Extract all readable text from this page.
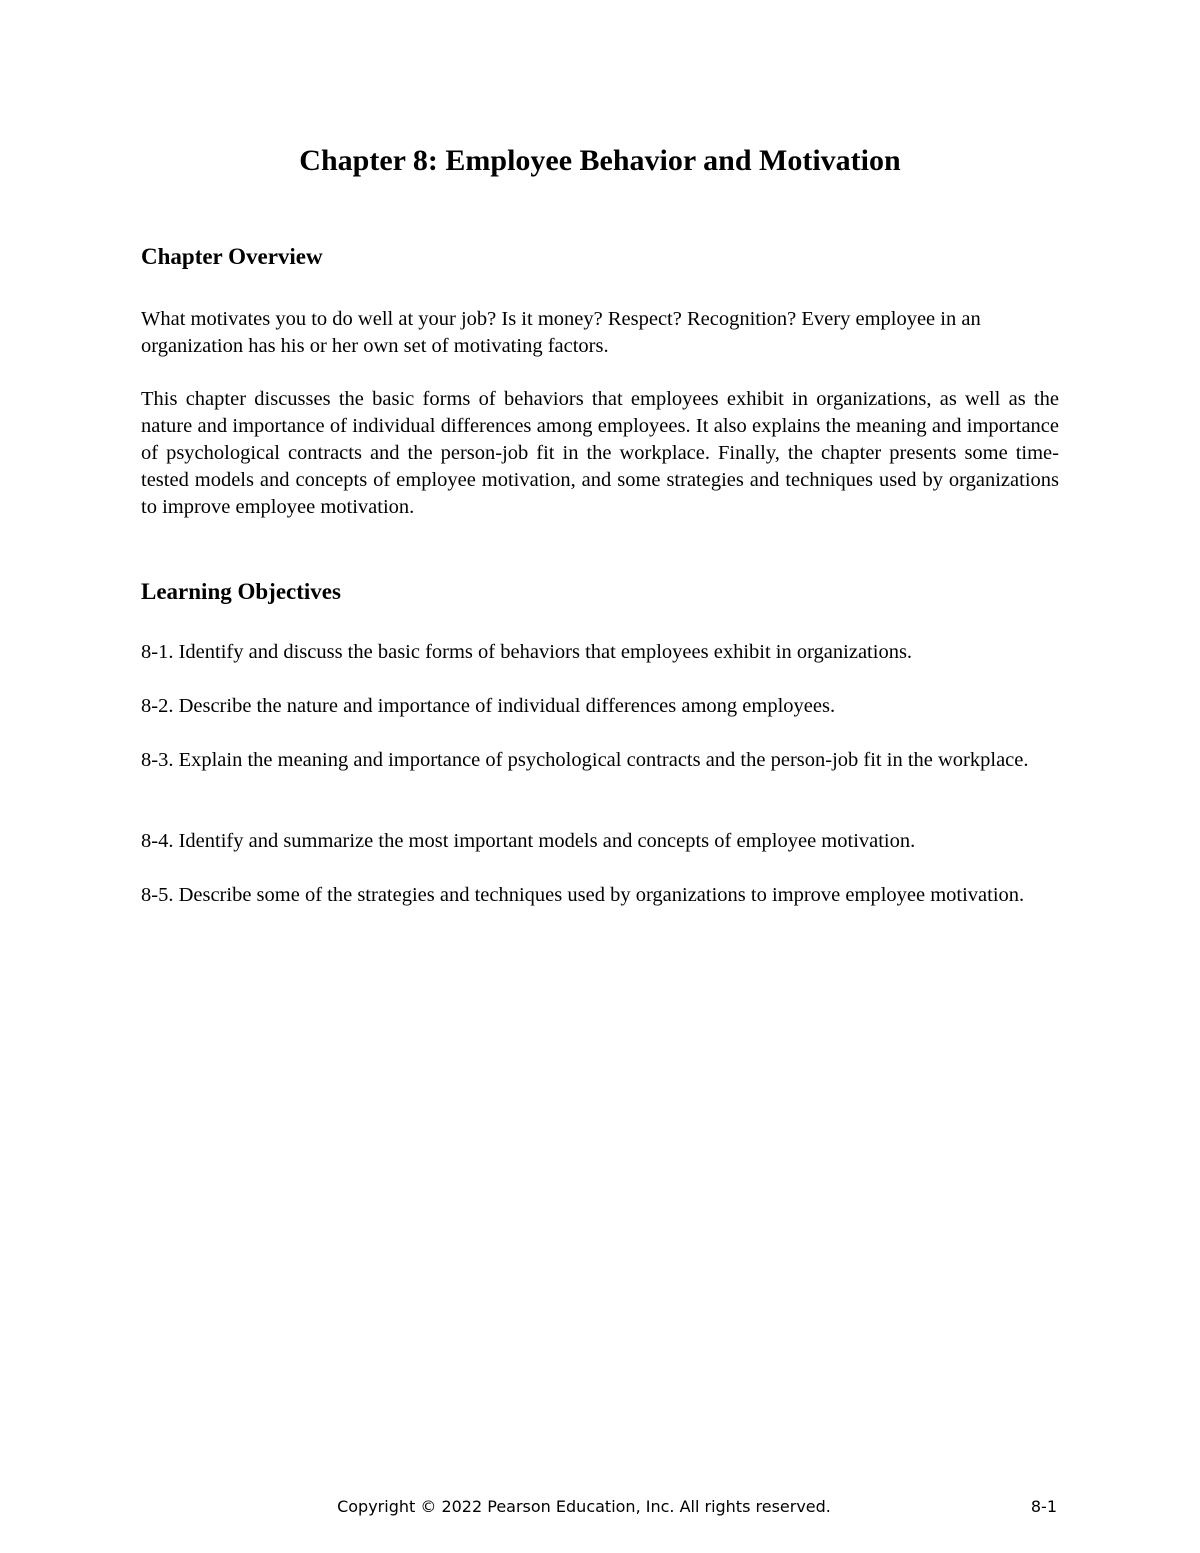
Chapter 8: Employee Behavior and Motivation
Chapter Overview

What motivates you to do well at your job? Is it money? Respect? Recognition? Every employee in an organization has his or her own set of motivating factors.

This chapter discusses the basic forms of behaviors that employees exhibit in organizations, as well as the nature and importance of individual differences among employees. It also explains the meaning and importance of psychological contracts and the person-job fit in the workplace. Finally, the chapter presents some time-tested models and concepts of employee motivation, and some strategies and techniques used by organizations to improve employee motivation.

Learning Objectives
8-1. Identify and discuss the basic forms of behaviors that employees exhibit in organizations.
8-2. Describe the nature and importance of individual differences among employees.
8-3. Explain the meaning and importance of psychological contracts and the person-job fit in the workplace.
8-4. Identify and summarize the most important models and concepts of employee motivation.
8-5. Describe some of the strategies and techniques used by organizations to improve employee motivation.
Copyright © 2022 Pearson Education, Inc. All rights reserved.	8-1
